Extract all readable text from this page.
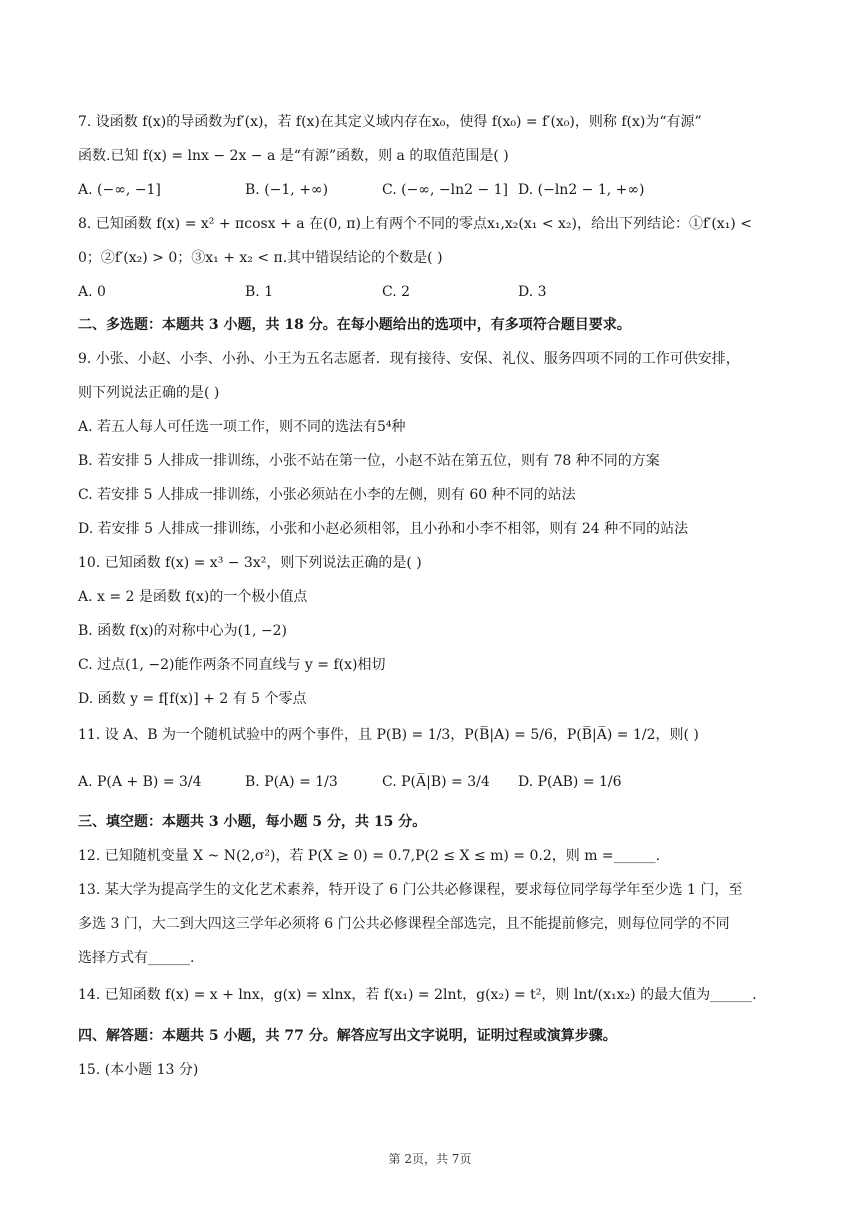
7. 设函数 f(x)的导函数为f′(x)，若 f(x)在其定义域内存在x₀，使得 f(x₀) = f′(x₀)，则称 f(x)为“有源”
函数.已知 f(x) = lnx − 2x − a 是“有源”函数，则 a 的取值范围是( )
A. (−∞, −1]	B. (−1, +∞)	C. (−∞, −ln2 − 1] D. (−ln2 − 1, +∞)
8. 已知函数 f(x) = x² + πcosx + a 在(0, π)上有两个不同的零点x₁,x₂(x₁ < x₂)，给出下列结论：①f′(x₁) <
0；②f′(x₂) > 0；③x₁ + x₂ < π.其中错误结论的个数是( )
A. 0	B. 1	C. 2	D. 3
二、多选题：本题共 3 小题，共 18 分。在每小题给出的选项中，有多项符合题目要求。
9. 小张、小赵、小李、小孙、小王为五名志愿者．现有接待、安保、礼仪、服务四项不同的工作可供安排，
则下列说法正确的是( )
A. 若五人每人可任选一项工作，则不同的选法有5⁴种
B. 若安排 5 人排成一排训练，小张不站在第一位，小赵不站在第五位，则有 78 种不同的方案
C. 若安排 5 人排成一排训练，小张必须站在小李的左侧，则有 60 种不同的站法
D. 若安排 5 人排成一排训练，小张和小赵必须相邻，且小孙和小李不相邻，则有 24 种不同的站法
10. 已知函数 f(x) = x³ − 3x²，则下列说法正确的是( )
A. x = 2 是函数 f(x)的一个极小值点
B. 函数 f(x)的对称中心为(1, −2)
C. 过点(1, −2)能作两条不同直线与 y = f(x)相切
D. 函数 y = f[f(x)] + 2 有 5 个零点
11. 设 A、B 为一个随机试验中的两个事件，且 P(B) = 1/3，P(B̅|A) = 5/6，P(B̅|A̅) = 1/2，则( )
A. P(A + B) = 3/4	B. P(A) = 1/3	C. P(A̅|B) = 3/4 D. P(AB) = 1/6
三、填空题：本题共 3 小题，每小题 5 分，共 15 分。
12. 已知随机变量 X ~ N(2,σ²)，若 P(X ≥ 0) = 0.7,P(2 ≤ X ≤ m) = 0.2，则 m =______.
13. 某大学为提高学生的文化艺术素养，特开设了 6 门公共必修课程，要求每位同学每学年至少选 1 门，至
多选 3 门，大二到大四这三学年必须将 6 门公共必修课程全部选完，且不能提前修完，则每位同学的不同
选择方式有______.
14. 已知函数 f(x) = x + lnx，g(x) = xlnx，若 f(x₁) = 2lnt，g(x₂) = t²，则 lnt/(x₁x₂) 的最大值为______.
四、解答题：本题共 5 小题，共 77 分。解答应写出文字说明，证明过程或演算步骤。
15. (本小题 13 分)
第 2页，共 7页
